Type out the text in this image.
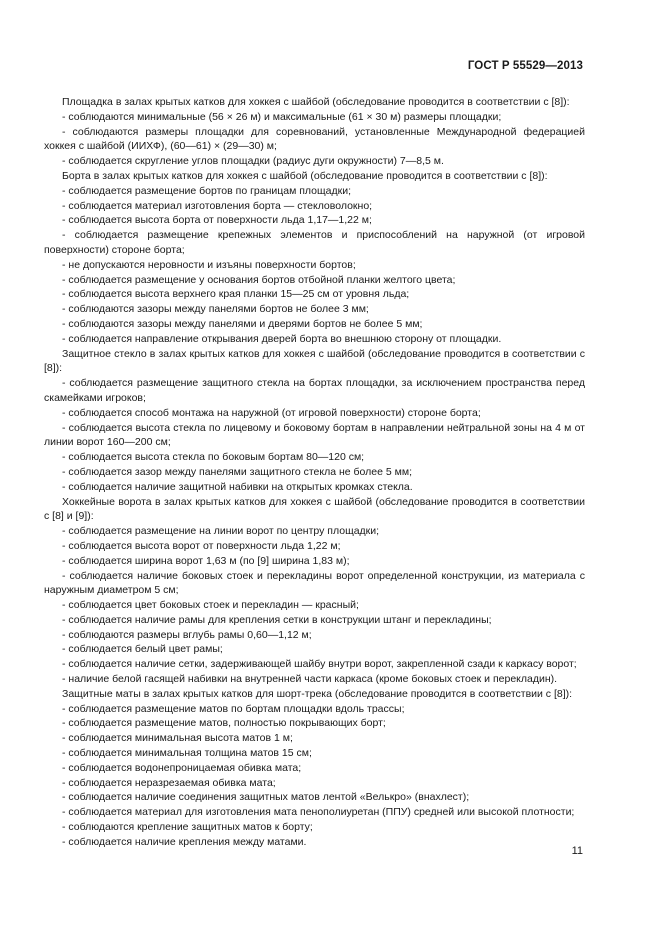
ГОСТ Р 55529—2013

Площадка в залах крытых катков для хоккея с шайбой (обследование проводится в соответствии с [8]):

- соблюдаются минимальные (56 × 26 м) и максимальные (61 × 30 м) размеры площадки;

- соблюдаются размеры площадки для соревнований, установленные Международной федерацией хоккея с шайбой (ИИХФ), (60—61) × (29—30) м;

- соблюдается скругление углов площадки (радиус дуги окружности) 7—8,5 м.

Борта в залах крытых катков для хоккея с шайбой (обследование проводится в соответствии с [8]):

- соблюдается размещение бортов по границам площадки;

- соблюдается материал изготовления борта — стекловолокно;

- соблюдается высота борта от поверхности льда 1,17—1,22 м;

- соблюдается размещение крепежных элементов и приспособлений на наружной (от игровой поверхности) стороне борта;

- не допускаются неровности и изъяны поверхности бортов;

- соблюдается размещение у основания бортов отбойной планки желтого цвета;

- соблюдается высота верхнего края планки 15—25 см от уровня льда;

- соблюдаются зазоры между панелями бортов не более 3 мм;

- соблюдаются зазоры между панелями и дверями бортов не более 5 мм;

- соблюдается направление открывания дверей борта во внешнюю сторону от площадки.

Защитное стекло в залах крытых катков для хоккея с шайбой (обследование проводится в соответствии с [8]):

- соблюдается размещение защитного стекла на бортах площадки, за исключением пространства перед скамейками игроков;

- соблюдается способ монтажа на наружной (от игровой поверхности) стороне борта;

- соблюдается высота стекла по лицевому и боковому бортам в направлении нейтральной зоны на 4 м от линии ворот 160—200 см;

- соблюдается высота стекла по боковым бортам 80—120 см;

- соблюдается зазор между панелями защитного стекла не более 5 мм;

- соблюдается наличие защитной набивки на открытых кромках стекла.

Хоккейные ворота в залах крытых катков для хоккея с шайбой (обследование проводится в соответствии с [8] и [9]):

- соблюдается размещение на линии ворот по центру площадки;

- соблюдается высота ворот от поверхности льда 1,22 м;

- соблюдается ширина ворот 1,63 м (по [9] ширина 1,83 м);

- соблюдается наличие боковых стоек и перекладины ворот определенной конструкции, из материала с наружным диаметром 5 см;

- соблюдается цвет боковых стоек и перекладин — красный;

- соблюдается наличие рамы для крепления сетки в конструкции штанг и перекладины;

- соблюдаются размеры вглубь рамы 0,60—1,12 м;

- соблюдается белый цвет рамы;

- соблюдается наличие сетки, задерживающей шайбу внутри ворот, закрепленной сзади к каркасу ворот;

- наличие белой гасящей набивки на внутренней части каркаса (кроме боковых стоек и перекладин).

Защитные маты в залах крытых катков для шорт-трека (обследование проводится в соответствии с [8]):

- соблюдается размещение матов по бортам площадки вдоль трассы;

- соблюдается размещение матов, полностью покрывающих борт;

- соблюдается минимальная высота матов 1 м;

- соблюдается минимальная толщина матов 15 см;

- соблюдается водонепроницаемая обивка мата;

- соблюдается неразрезаемая обивка мата;

- соблюдается наличие соединения защитных матов лентой «Велькро» (внахлест);

- соблюдается материал для изготовления мата пенополиуретан (ППУ) средней или высокой плотности;

- соблюдаются крепление защитных матов к борту;

- соблюдается наличие крепления между матами.

11
